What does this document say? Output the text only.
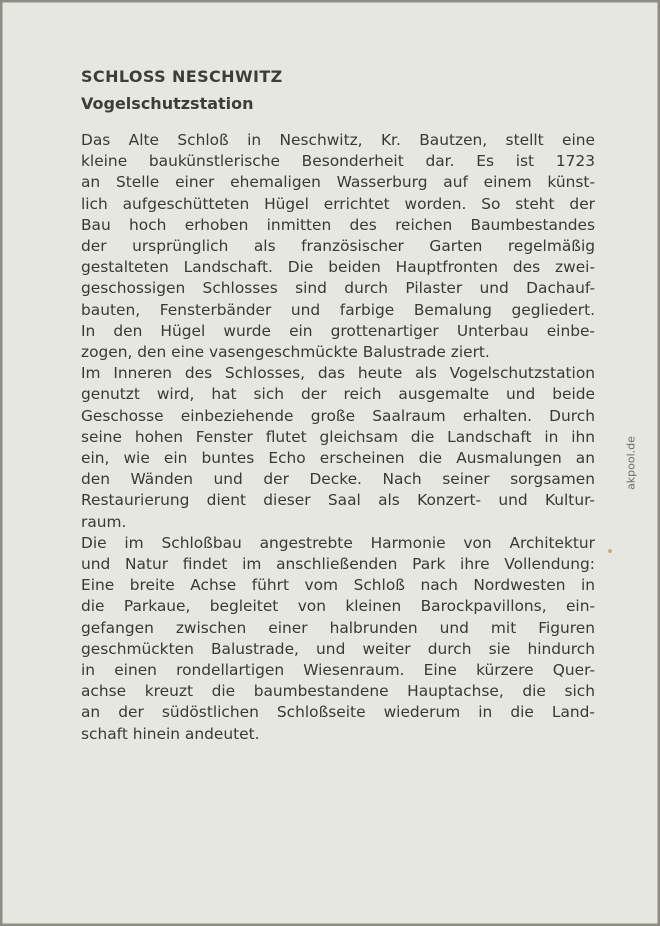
SCHLOSS NESCHWITZ
Vogelschutzstation
Das Alte Schloß in Neschwitz, Kr. Bautzen, stellt eine
kleine baukünstlerische Besonderheit dar. Es ist 1723
an Stelle einer ehemaligen Wasserburg auf einem künst-
lich aufgeschütteten Hügel errichtet worden. So steht der
Bau hoch erhoben inmitten des reichen Baumbestandes
der ursprünglich als französischer Garten regelmäßig
gestalteten Landschaft. Die beiden Hauptfronten des zwei-
geschossigen Schlosses sind durch Pilaster und Dachauf-
bauten, Fensterbänder und farbige Bemalung gegliedert.
In den Hügel wurde ein grottenartiger Unterbau einbe-
zogen, den eine vasengeschmückte Balustrade ziert.
Im Inneren des Schlosses, das heute als Vogelschutzstation
genutzt wird, hat sich der reich ausgemalte und beide
Geschosse einbeziehende große Saalraum erhalten. Durch
seine hohen Fenster flutet gleichsam die Landschaft in ihn
ein, wie ein buntes Echo erscheinen die Ausmalungen an
den Wänden und der Decke. Nach seiner sorgsamen
Restaurierung dient dieser Saal als Konzert- und Kultur-
raum.
Die im Schloßbau angestrebte Harmonie von Architektur
und Natur findet im anschließenden Park ihre Vollendung:
Eine breite Achse führt vom Schloß nach Nordwesten in
die Parkaue, begleitet von kleinen Barockpavillons, ein-
gefangen zwischen einer halbrunden und mit Figuren
geschmückten Balustrade, und weiter durch sie hindurch
in einen rondellartigen Wiesenraum. Eine kürzere Quer-
achse kreuzt die baumbestandene Hauptachse, die sich
an der südöstlichen Schloßseite wiederum in die Land-
schaft hinein andeutet.
akpool.de
